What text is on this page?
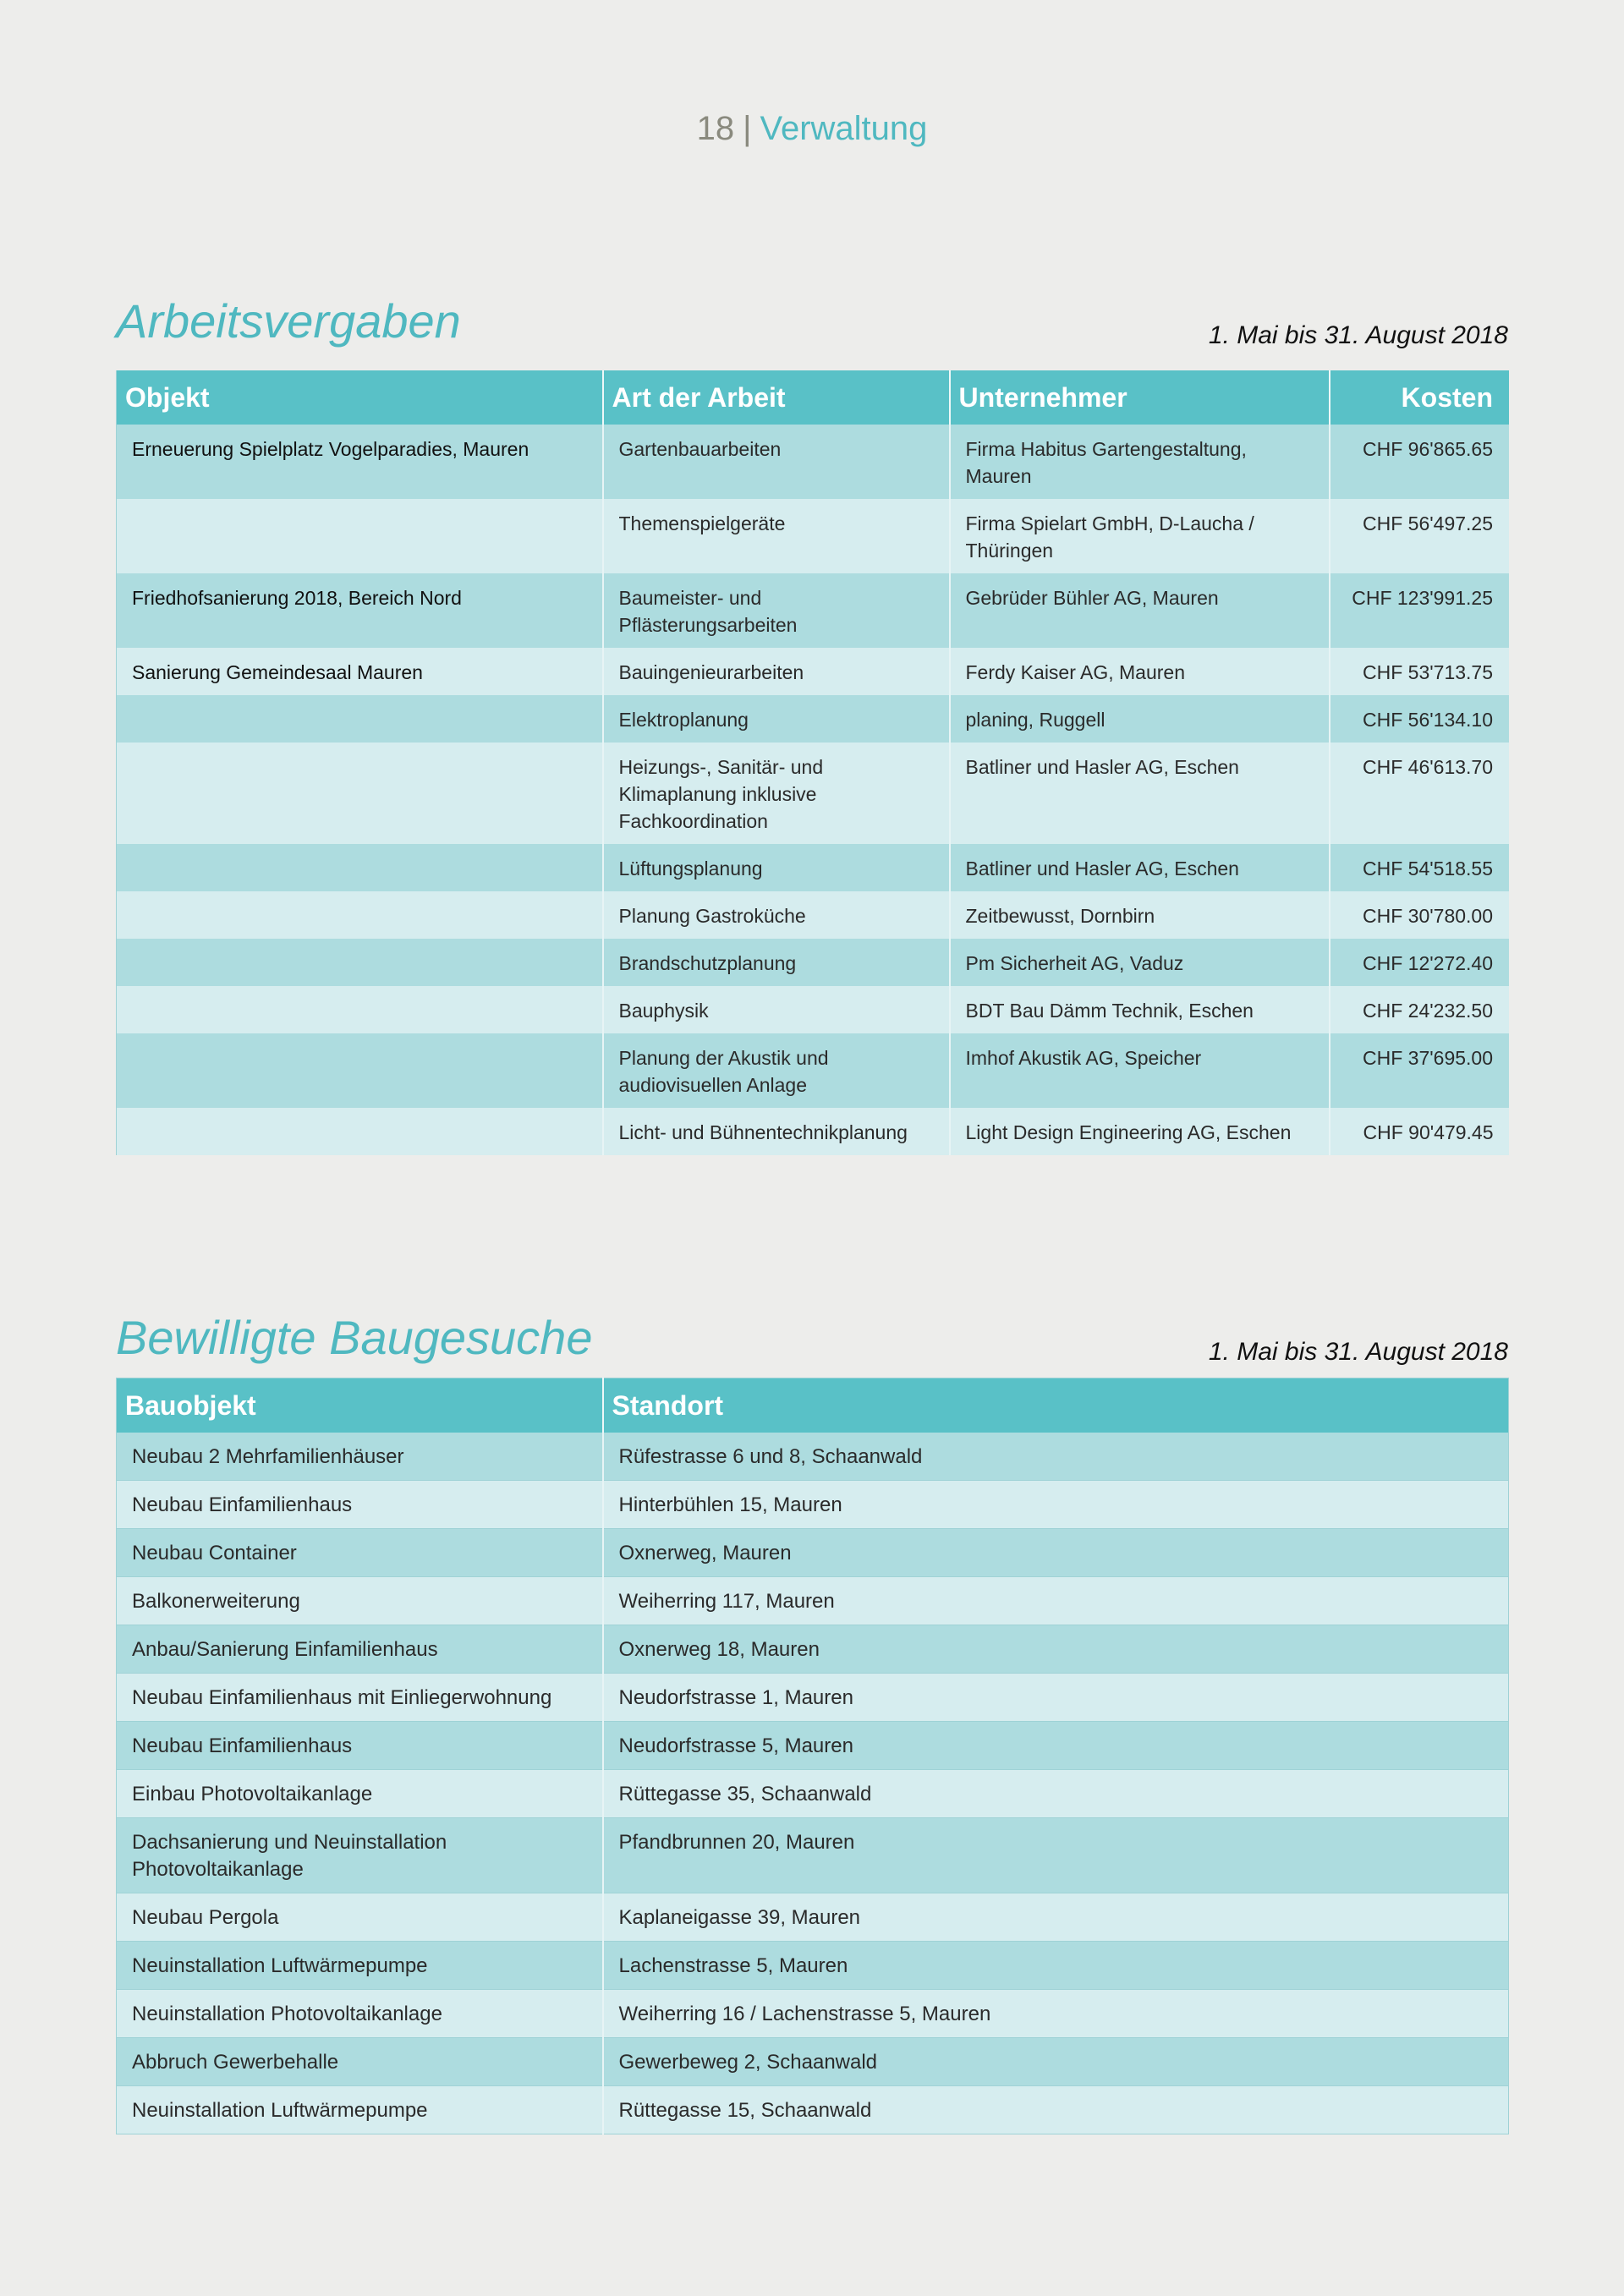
18 | Verwaltung
Arbeitsvergaben	1. Mai bis 31. August 2018
Objekt	Art der Arbeit	Unternehmer	Kosten
Erneuerung Spielplatz Vogelparadies, Mauren	Gartenbauarbeiten	Firma Habitus Gartengestaltung, Mauren	CHF 96'865.65
	Themenspielgeräte	Firma Spielart GmbH, D-Laucha / Thüringen	CHF 56'497.25
Friedhofsanierung 2018, Bereich Nord	Baumeister- und Pflästerungsarbeiten	Gebrüder Bühler AG, Mauren	CHF 123'991.25
Sanierung Gemeindesaal Mauren	Bauingenieurarbeiten	Ferdy Kaiser AG, Mauren	CHF 53'713.75
	Elektroplanung	planing, Ruggell	CHF 56'134.10
	Heizungs-, Sanitär- und Klimaplanung inklusive Fachkoordination	Batliner und Hasler AG, Eschen	CHF 46'613.70
	Lüftungsplanung	Batliner und Hasler AG, Eschen	CHF 54'518.55
	Planung Gastroküche	Zeitbewusst, Dornbirn	CHF 30'780.00
	Brandschutzplanung	Pm Sicherheit AG, Vaduz	CHF 12'272.40
	Bauphysik	BDT Bau Dämm Technik, Eschen	CHF 24'232.50
	Planung der Akustik und audiovisuellen Anlage	Imhof Akustik AG, Speicher	CHF 37'695.00
	Licht- und Bühnentechnikplanung	Light Design Engineering AG, Eschen	CHF 90'479.45
Bewilligte Baugesuche	1. Mai bis 31. August 2018
Bauobjekt	Standort
Neubau 2 Mehrfamilienhäuser	Rüfestrasse 6 und 8, Schaanwald
Neubau Einfamilienhaus	Hinterbühlen 15, Mauren
Neubau Container	Oxnerweg, Mauren
Balkonerweiterung	Weiherring 117, Mauren
Anbau/Sanierung Einfamilienhaus	Oxnerweg 18, Mauren
Neubau Einfamilienhaus mit Einliegerwohnung	Neudorfstrasse 1, Mauren
Neubau Einfamilienhaus	Neudorfstrasse 5, Mauren
Einbau Photovoltaikanlage	Rüttegasse 35, Schaanwald
Dachsanierung und Neuinstallation Photovoltaikanlage	Pfandbrunnen 20, Mauren
Neubau Pergola	Kaplaneigasse 39, Mauren
Neuinstallation Luftwärmepumpe	Lachenstrasse 5, Mauren
Neuinstallation Photovoltaikanlage	Weiherring 16 / Lachenstrasse 5, Mauren
Abbruch Gewerbehalle	Gewerbeweg 2, Schaanwald
Neuinstallation Luftwärmepumpe	Rüttegasse 15, Schaanwald
